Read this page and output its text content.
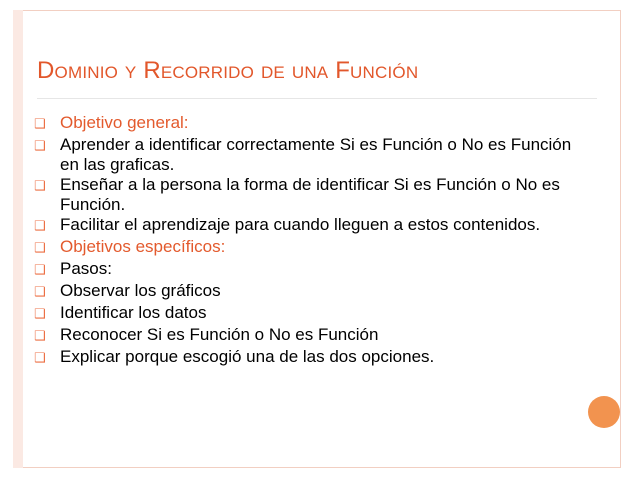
Dominio y Recorrido de una Función
❑ Objetivo general:
❑ Aprender a identificar correctamente Si es Función o No es Función en las graficas.
❑ Enseñar a la persona la forma de identificar Si es Función o No es Función.
❑ Facilitar el aprendizaje para cuando lleguen a estos contenidos.
❑ Objetivos específicos:
❑ Pasos:
❑ Observar los gráficos
❑ Identificar los datos
❑ Reconocer Si es Función o No es Función
❑ Explicar porque escogió una de las dos opciones.
